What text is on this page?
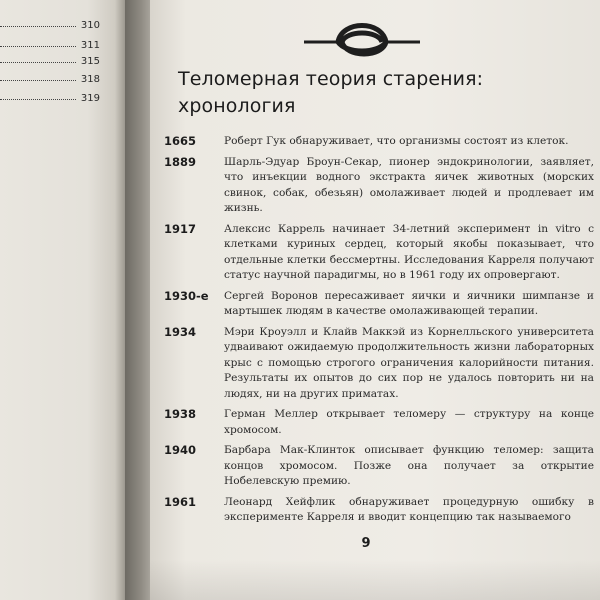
310
311
315
318
319
Теломерная теория старения: хронология
1665	Роберт Гук обнаруживает, что организмы состоят из клеток.
1889	Шарль-Эдуар Броун-Секар, пионер эндокринологии, заявляет, что инъекции водного экстракта яичек животных (морских свинок, собак, обезьян) омолаживает людей и продлевает им жизнь.
1917	Алексис Каррель начинает 34-летний эксперимент in vitro с клетками куриных сердец, который якобы показывает, что отдельные клетки бессмертны. Исследования Карреля получают статус научной парадигмы, но в 1961 году их опровергают.
1930-е	Сергей Воронов пересаживает яички и яичники шимпанзе и мартышек людям в качестве омолаживающей терапии.
1934	Мэри Кроуэлл и Клайв Маккэй из Корнелльского университета удваивают ожидаемую продолжительность жизни лабораторных крыс с помощью строгого ограничения калорийности питания. Результаты их опытов до сих пор не удалось повторить ни на людях, ни на других приматах.
1938	Герман Меллер открывает теломеру — структуру на конце хромосом.
1940	Барбара Мак-Клинток описывает функцию теломер: защита концов хромосом. Позже она получает за открытие Нобелевскую премию.
1961	Леонард Хейфлик обнаруживает процедурную ошибку в эксперименте Карреля и вводит концепцию так называемого
9
